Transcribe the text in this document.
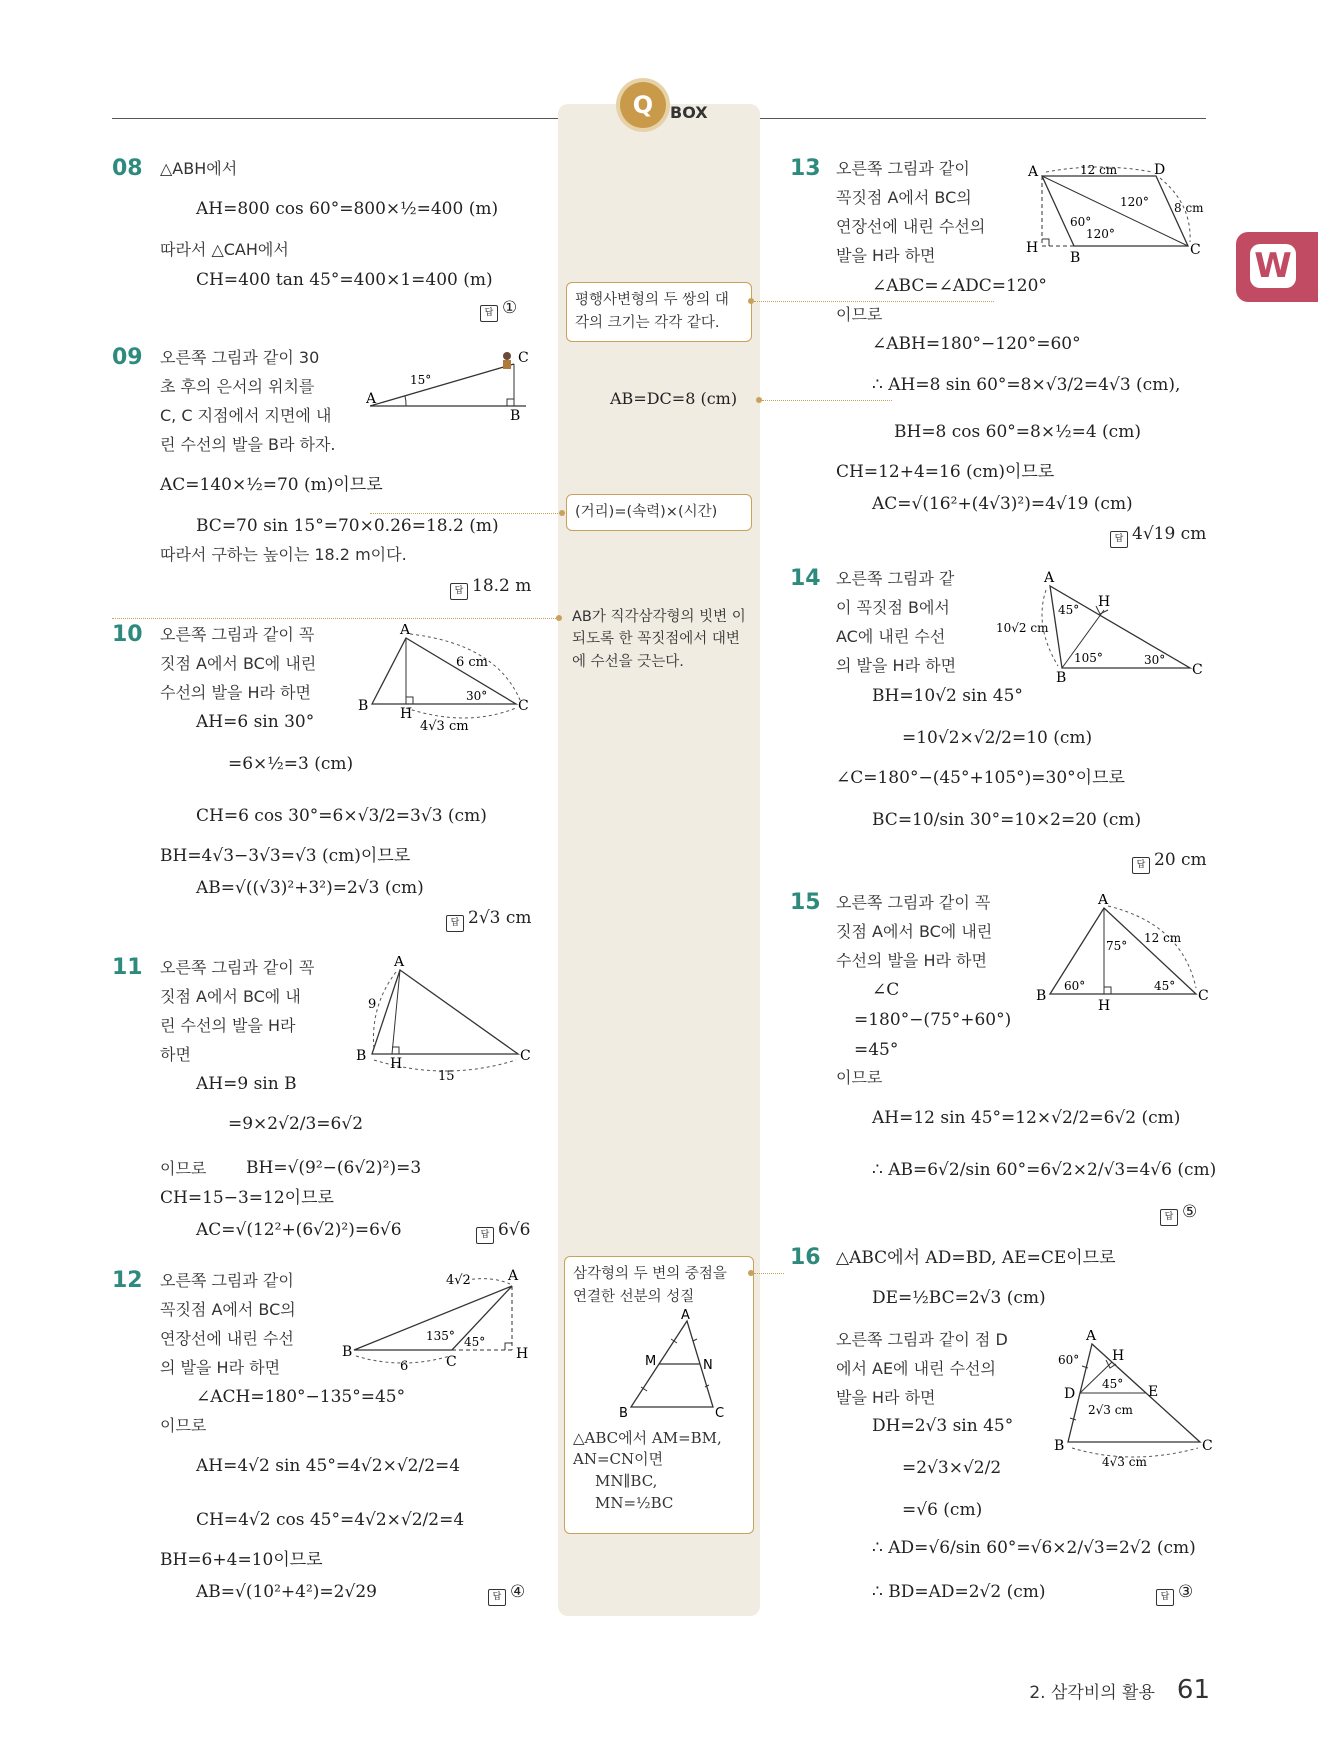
Q	BOX
W
08 △ABH에서
AH=800 cos 60°=800×½=400 (m)
따라서 △CAH에서
CH=400 tan 45°=400×1=400 (m)
답 ①
09 오른쪽 그림과 같이 30
초 후의 은서의 위치를
C, C 지점에서 지면에 내
린 수선의 발을 B라 하자.
A
B
C
15°
AC=140×½=70 (m)이므로
BC=70 sin 15°=70×0.26=18.2 (m)
따라서 구하는 높이는 18.2 m이다.
답 18.2 m
10 오른쪽 그림과 같이 꼭
짓점 A에서 BC에 내린
수선의 발을 H라 하면
A
B	C
H
6 cm
30°
4√3 cm
AH=6 sin 30°
=6×½=3 (cm)
CH=6 cos 30°=6×√3/2=3√3 (cm)
BH=4√3−3√3=√3 (cm)이므로
AB=√((√3)²+3²)=2√3 (cm)
답 2√3 cm
11 오른쪽 그림과 같이 꼭
짓점 A에서 BC에 내
린 수선의 발을 H라
하면
A
B	C
H
9
15
AH=9 sin B
=9×2√2/3=6√2
이므로 BH=√(9²−(6√2)²)=3
CH=15−3=12이므로
AC=√(12²+(6√2)²)=6√6	답 6√6
12 오른쪽 그림과 같이
꼭짓점 A에서 BC의
연장선에 내린 수선
의 발을 H라 하면
A
B
C	H
4√2
6
135° 45°
∠ACH=180°−135°=45°
이므로
AH=4√2 sin 45°=4√2×√2/2=4
CH=4√2 cos 45°=4√2×√2/2=4
BH=6+4=10이므로
AB=√(10²+4²)=2√29	답 ④
평행사변형의 두 쌍의 대 각의 크기는 각각 같다.
AB=DC=8 (cm)
(거리)=(속력)×(시간)
AB가 직각삼각형의 빗변 이 되도록 한 꼭짓점에서 대변에 수선을 긋는다.
삼각형의 두 변의 중점을 연결한 선분의 성질
A
B	C
M	N
△ABC에서 AM=BM,
AN=CN이면
MN∥BC,
MN=½BC
13 오른쪽 그림과 같이
꼭짓점 A에서 BC의
연장선에 내린 수선의
발을 H라 하면
A
B	C
D
H
12 cm
8 cm
120°
60°
120°
∠ABC=∠ADC=120°
이므로
∠ABH=180°−120°=60°
∴ AH=8 sin 60°=8×√3/2=4√3 (cm),
BH=8 cos 60°=8×½=4 (cm)
CH=12+4=16 (cm)이므로
AC=√(16²+(4√3)²)=4√19 (cm)
답 4√19 cm
14 오른쪽 그림과 같
이 꼭짓점 B에서
AC에 내린 수선
의 발을 H라 하면
A
B	C
H
10√2 cm
45°
105°	30°
BH=10√2 sin 45°
=10√2×√2/2=10 (cm)
∠C=180°−(45°+105°)=30°이므로
BC=10/sin 30°=10×2=20 (cm)
답 20 cm
15 오른쪽 그림과 같이 꼭
짓점 A에서 BC에 내린
수선의 발을 H라 하면
A
B	C
H
12 cm
75°
60°	45°
∠C
=180°−(75°+60°)
=45°
이므로
AH=12 sin 45°=12×√2/2=6√2 (cm)
∴ AB=6√2/sin 60°=6√2×2/√3=4√6 (cm)
답 ⑤
16 △ABC에서 AD=BD, AE=CE이므로
DE=½BC=2√3 (cm)
오른쪽 그림과 같이 점 D
에서 AE에 내린 수선의
발을 H라 하면
A
B	C
D	E
H
60°
45°
2√3 cm
4√3 cm
DH=2√3 sin 45°
=2√3×√2/2
=√6 (cm)
∴ AD=√6/sin 60°=√6×2/√3=2√2 (cm)
∴ BD=AD=2√2 (cm)	답 ③
2. 삼각비의 활용 61
